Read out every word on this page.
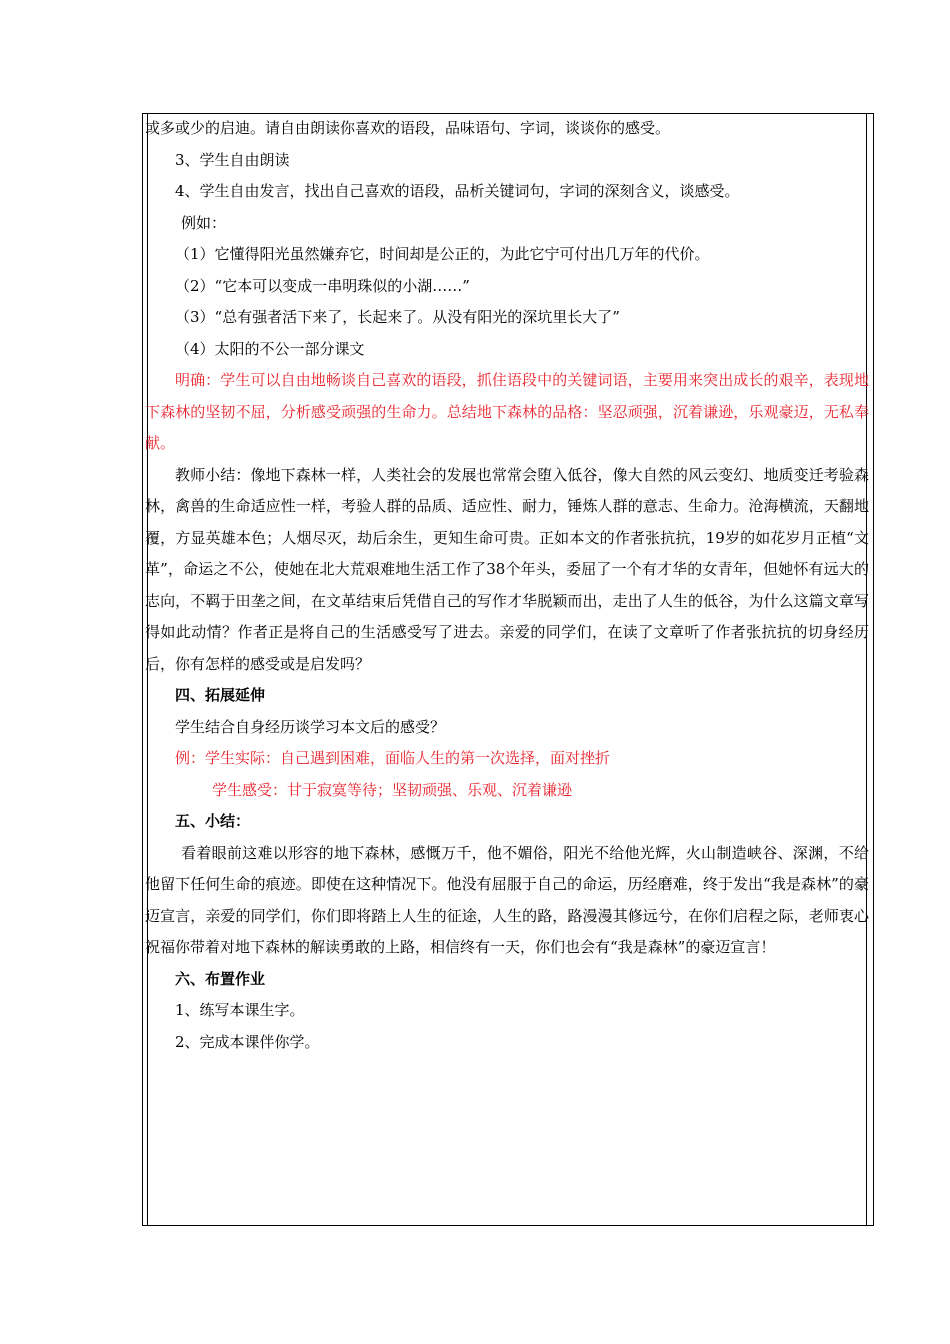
或多或少的启迪。请自由朗读你喜欢的语段，品味语句、字词，谈谈你的感受。

3、学生自由朗读

4、学生自由发言，找出自己喜欢的语段，品析关键词句，字词的深刻含义，谈感受。

例如：

（1）它懂得阳光虽然嫌弃它，时间却是公正的，为此它宁可付出几万年的代价。

（2）“它本可以变成一串明珠似的小湖……”

（3）“总有强者活下来了，长起来了。从没有阳光的深坑里长大了”

（4）太阳的不公一部分课文

明确：学生可以自由地畅谈自己喜欢的语段，抓住语段中的关键词语，主要用来突出成长的艰辛，表现地下森林的坚韧不屈，分析感受顽强的生命力。总结地下森林的品格：坚忍顽强，沉着谦逊，乐观豪迈，无私奉献。

教师小结：像地下森林一样，人类社会的发展也常常会堕入低谷，像大自然的风云变幻、地质变迁考验森林，禽兽的生命适应性一样，考验人群的品质、适应性、耐力，锤炼人群的意志、生命力。沧海横流，天翻地覆，方显英雄本色；人烟尽灭，劫后余生，更知生命可贵。正如本文的作者张抗抗，19岁的如花岁月正植“文革”，命运之不公，使她在北大荒艰难地生活工作了38个年头，委屈了一个有才华的女青年，但她怀有远大的志向，不羁于田垄之间，在文革结束后凭借自己的写作才华脱颖而出，走出了人生的低谷，为什么这篇文章写得如此动情？作者正是将自己的生活感受写了进去。亲爱的同学们，在读了文章听了作者张抗抗的切身经历后，你有怎样的感受或是启发吗？

四、拓展延伸

学生结合自身经历谈学习本文后的感受？

例：学生实际：自己遇到困难，面临人生的第一次选择，面对挫折

学生感受：甘于寂寞等待；坚韧顽强、乐观、沉着谦逊

五、小结：

看着眼前这难以形容的地下森林，感慨万千，他不媚俗，阳光不给他光辉，火山制造峡谷、深渊，不给他留下任何生命的痕迹。即使在这种情况下。他没有屈服于自己的命运，历经磨难，终于发出“我是森林”的豪迈宣言，亲爱的同学们，你们即将踏上人生的征途，人生的路，路漫漫其修远兮，在你们启程之际，老师衷心祝福你带着对地下森林的解读勇敢的上路，相信终有一天，你们也会有“我是森林”的豪迈宣言！

六、布置作业

1、练写本课生字。

2、完成本课伴你学。
